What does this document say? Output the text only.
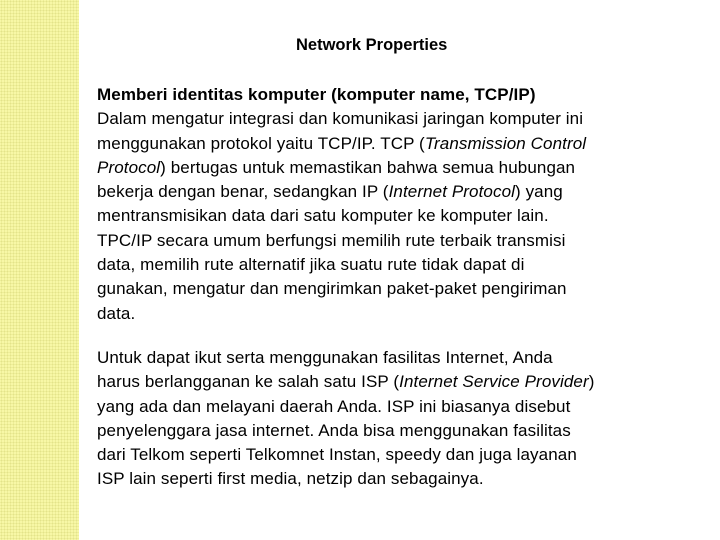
Network Properties
Memberi identitas komputer (komputer name, TCP/IP)
Dalam mengatur integrasi dan komunikasi jaringan komputer ini
menggunakan protokol yaitu TCP/IP. TCP (Transmission Control
Protocol) bertugas untuk memastikan bahwa semua hubungan
bekerja dengan benar, sedangkan IP (Internet Protocol) yang
mentransmisikan data dari satu komputer ke komputer lain.
TPC/IP secara umum berfungsi memilih rute terbaik transmisi
data, memilih rute alternatif jika suatu rute tidak dapat di
gunakan, mengatur dan mengirimkan paket-paket pengiriman
data.
Untuk dapat ikut serta menggunakan fasilitas Internet, Anda
harus berlangganan ke salah satu ISP (Internet Service Provider)
yang ada dan melayani daerah Anda. ISP ini biasanya disebut
penyelenggara jasa internet. Anda bisa menggunakan fasilitas
dari Telkom seperti Telkomnet Instan, speedy dan juga layanan
ISP lain seperti first media, netzip dan sebagainya.
